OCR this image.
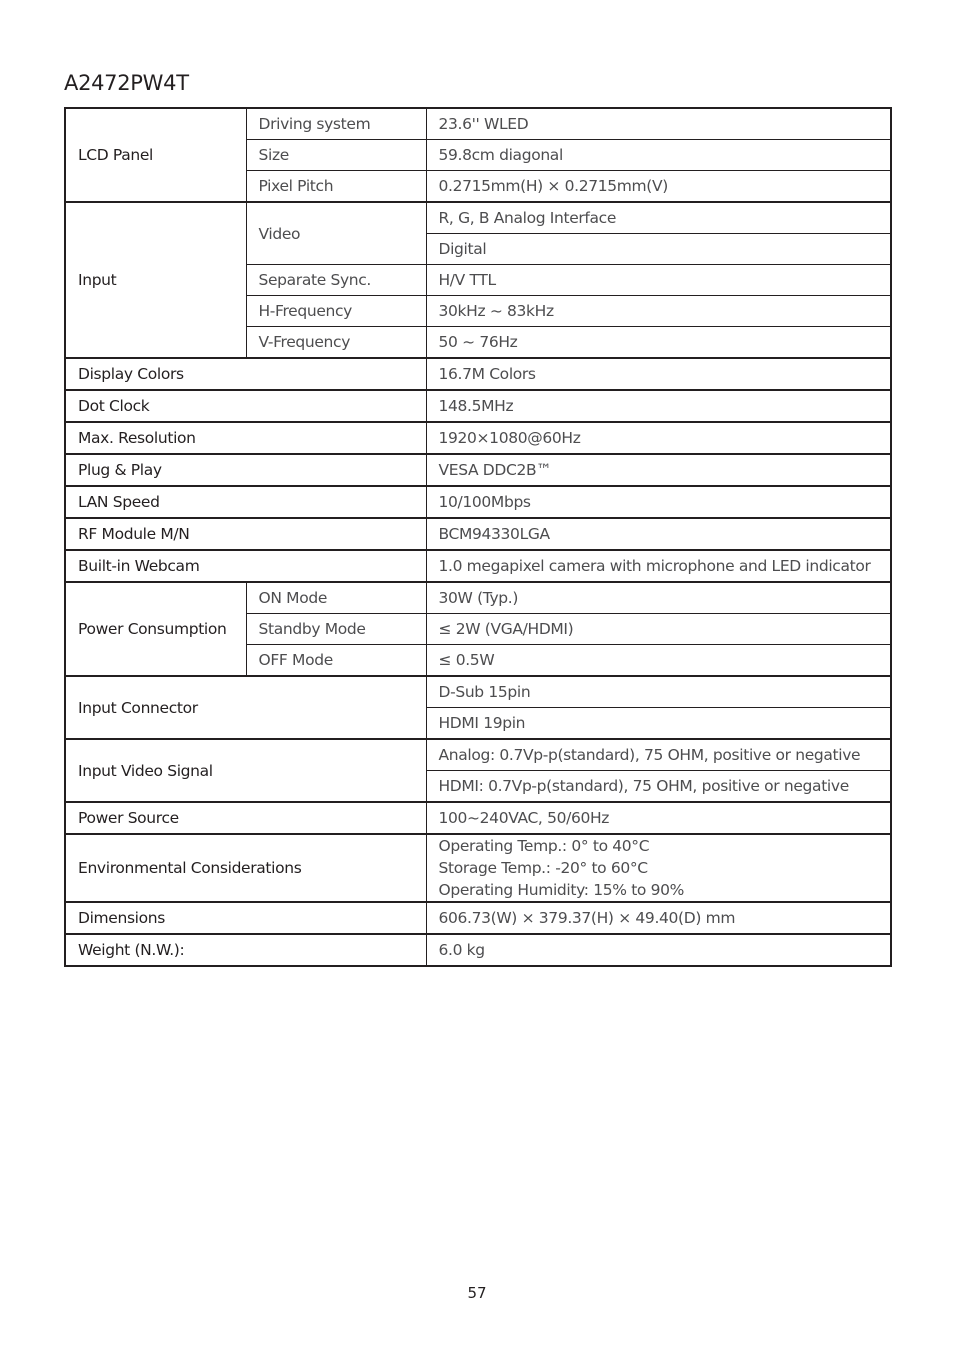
A2472PW4T
LCD Panel	Driving system	23.6'' WLED
	Size	59.8cm diagonal
	Pixel Pitch	0.2715mm(H) × 0.2715mm(V)
Input	Video	R, G, B Analog Interface
		Digital
	Separate Sync.	H/V TTL
	H-Frequency	30kHz ~ 83kHz
	V-Frequency	50 ~ 76Hz
Display Colors		16.7M Colors
Dot Clock		148.5MHz
Max. Resolution		1920×1080@60Hz
Plug & Play		VESA DDC2B™
LAN Speed		10/100Mbps
RF Module M/N		BCM94330LGA
Built-in Webcam		1.0 megapixel camera with microphone and LED indicator
Power Consumption	ON Mode	30W (Typ.)
	Standby Mode	≤ 2W (VGA/HDMI)
	OFF Mode	≤ 0.5W
Input Connector		D-Sub 15pin
		HDMI 19pin
Input Video Signal		Analog: 0.7Vp-p(standard), 75 OHM, positive or negative
		HDMI: 0.7Vp-p(standard), 75 OHM, positive or negative
Power Source		100~240VAC, 50/60Hz
Environmental Considerations		Operating Temp.: 0° to 40°C
Storage Temp.: -20° to 60°C
Operating Humidity: 15% to 90%

Dimensions		606.73(W) × 379.37(H) × 49.40(D) mm
Weight (N.W.):		6.0 kg
57
